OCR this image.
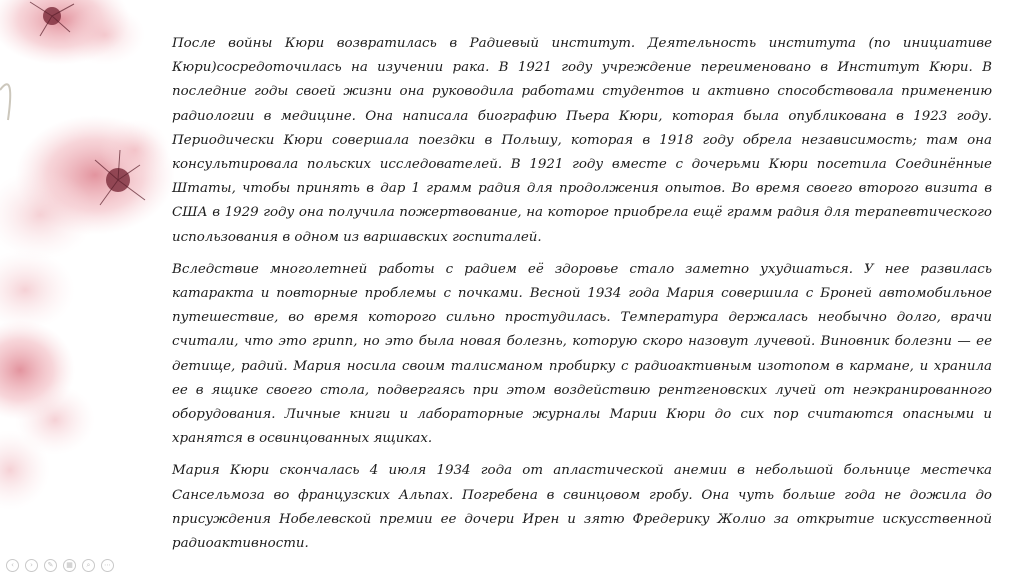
После войны Кюри возвратилась в Радиевый институт. Деятельность института (по инициативе Кюри)сосредоточилась на изучении рака. В 1921 году учреждение переименовано в Институт Кюри. В последние годы своей жизни она руководила работами студентов и активно способствовала применению радиологии в медицине. Она написала биографию Пьера Кюри, которая была опубликована в 1923 году. Периодически Кюри совершала поездки в Польшу, которая в 1918 году обрела независимость; там она консультировала польских исследователей. В 1921 году вместе с дочерьми Кюри посетила Соединённые Штаты, чтобы принять в дар 1 грамм радия для продолжения опытов. Во время своего второго визита в США в 1929 году она получила пожертвование, на которое приобрела ещё грамм радия для терапевтического использования в одном из варшавских госпиталей.

Вследствие многолетней работы с радием её здоровье стало заметно ухудшаться. У нее развилась катаракта и повторные проблемы с почками. Весной 1934 года Мария совершила с Броней автомобильное путешествие, во время которого сильно простудилась. Температура держалась необычно долго, врачи считали, что это грипп, но это была новая болезнь, которую скоро назовут лучевой. Виновник болезни — ее детище, радий. Мария носила своим талисманом пробирку с радиоактивным изотопом в кармане, и хранила ее в ящике своего стола, подвергаясь при этом воздействию рентгеновских лучей от неэкранированного оборудования. Личные книги и лабораторные журналы Марии Кюри до сих пор считаются опасными и хранятся в освинцованных ящиках.

Мария Кюри скончалась 4 июля 1934 года от апластической анемии в небольшой больнице местечка Сансельмоза во французских Альпах. Погребена в свинцовом гробу. Она чуть больше года не дожила до присуждения Нобелевской премии ее дочери Ирен и зятю Фредерику Жолио за открытие искусственной радиоактивности.

‹	›	✎	▦	⌕	⋯
